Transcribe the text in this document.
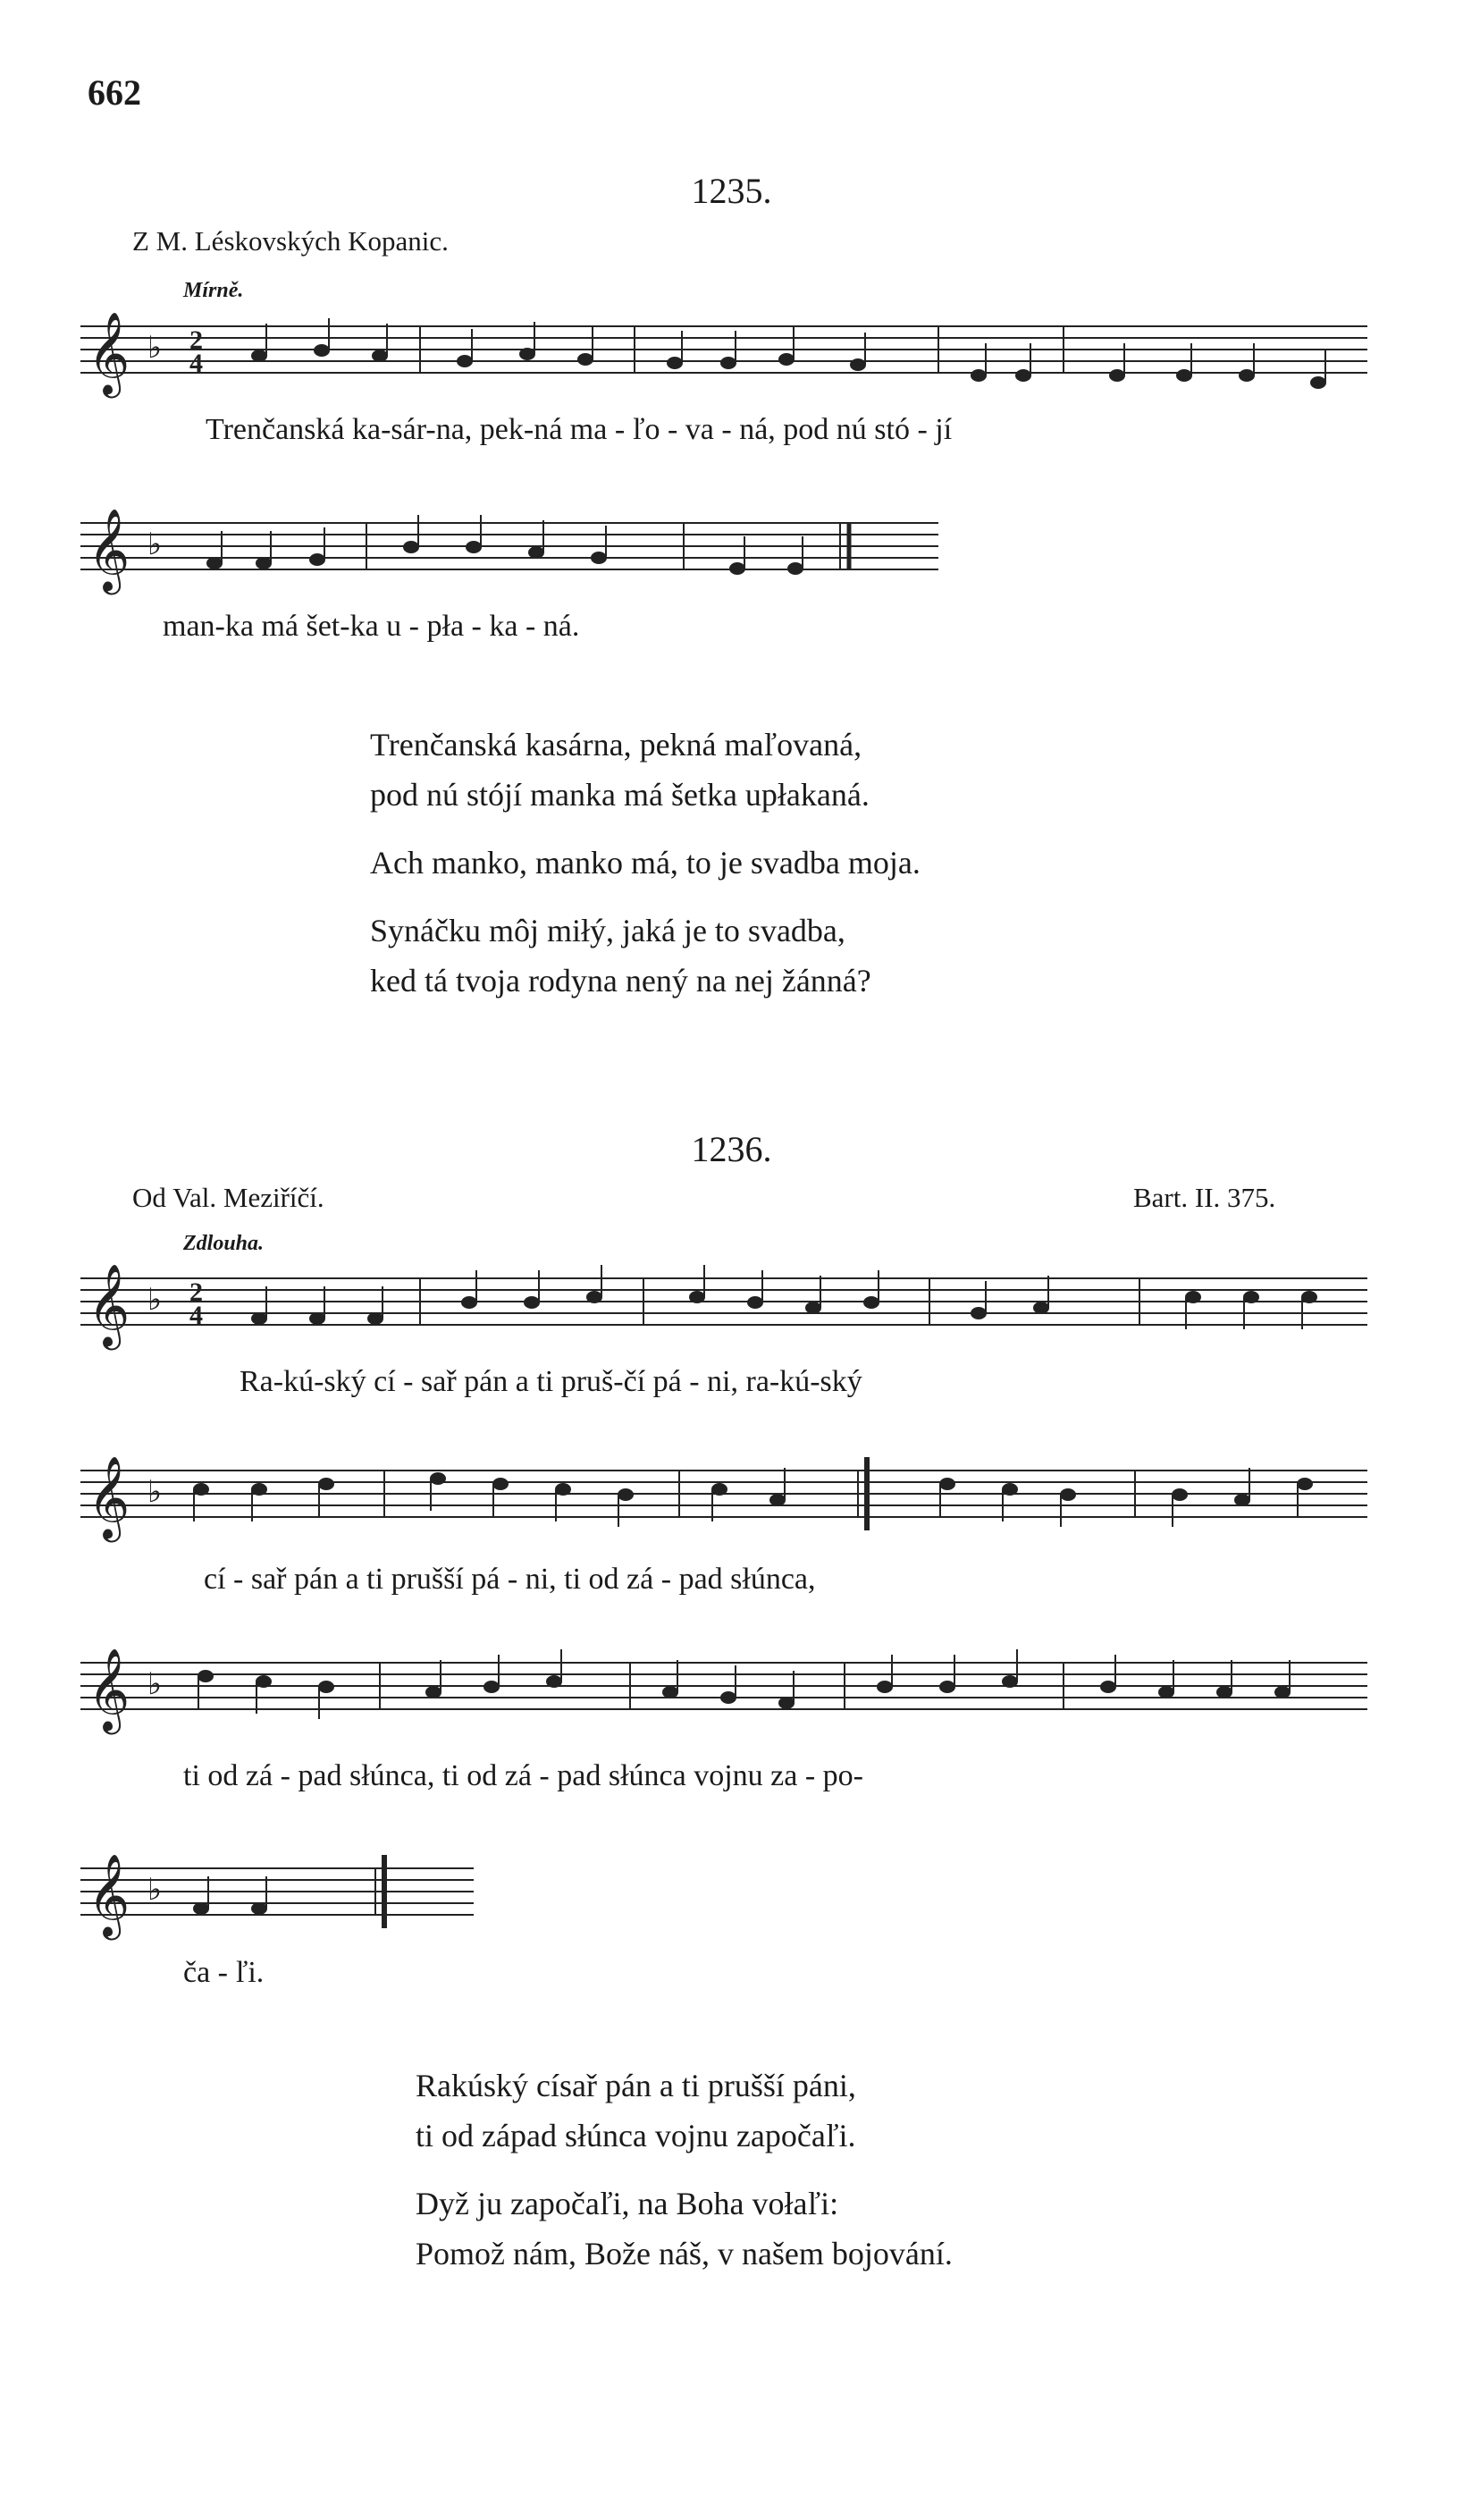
662
1235.
Z M. Léskovských Kopanic.
Mírně.
𝄞 ♭ 2
4
Trenčanská ka-sár-na, pek-ná ma - ľo - va - ná, pod nú stó - jí
𝄞 ♭
man-ka má šet-ka u - pła - ka - ná.

Trenčanská kasárna, pekná maľovaná,

pod nú stójí manka má šetka upłakaná.

Ach manko, manko má, to je svadba moja.

Synáčku môj miłý, jaká je to svadba,

ked tá tvoja rodyna nený na nej žánná?

1236.
Od Val. Meziříčí.	Bart. II. 375.
Zdlouha.
𝄞 ♭ 2
4
Ra-kú-ský cí - sař pán a ti pruš-čí pá - ni, ra-kú-ský
𝄞 ♭
cí - sař pán a ti prušší pá - ni, ti od zá - pad słúnca,
𝄞 ♭
ti od zá - pad słúnca, ti od zá - pad słúnca vojnu za - po-
𝄞 ♭
ča - ľi.

Rakúský císař pán a ti prušší páni,

ti od západ słúnca vojnu započaľi.

Dyž ju započaľi, na Boha vołaľi:

Pomož nám, Bože náš, v našem bojování.
